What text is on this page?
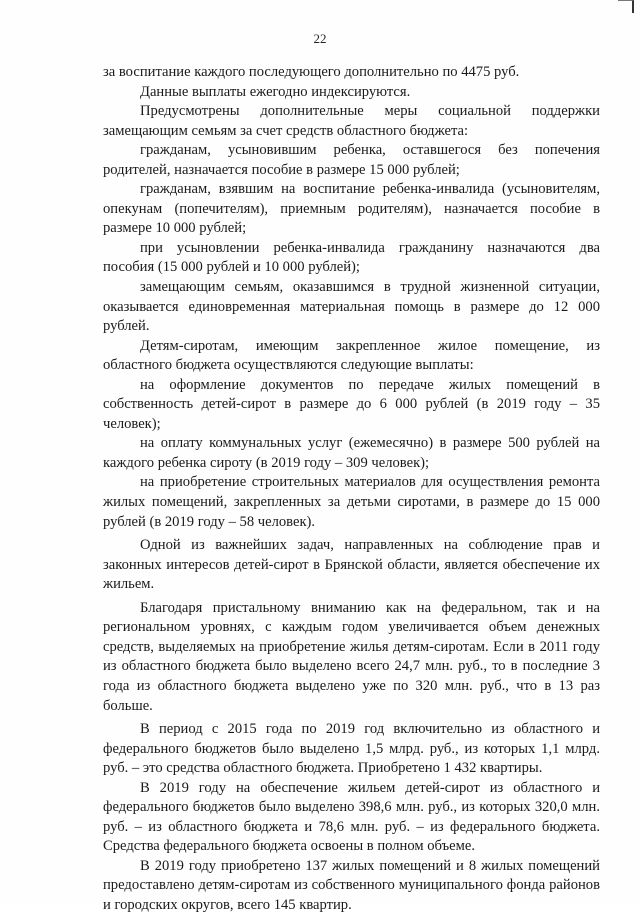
22

за воспитание каждого последующего дополнительно по 4475 руб.

Данные выплаты ежегодно индексируются.

Предусмотрены дополнительные меры социальной поддержки замещающим семьям за счет средств областного бюджета:

гражданам, усыновившим ребенка, оставшегося без попечения родителей, назначается пособие в размере 15 000 рублей;

гражданам, взявшим на воспитание ребенка-инвалида (усыновителям, опекунам (попечителям), приемным родителям), назначается пособие в размере 10 000 рублей;

при усыновлении ребенка-инвалида гражданину назначаются два пособия (15 000 рублей и 10 000 рублей);

замещающим семьям, оказавшимся в трудной жизненной ситуации, оказывается единовременная материальная помощь в размере до 12 000 рублей.

Детям-сиротам, имеющим закрепленное жилое помещение, из областного бюджета осуществляются следующие выплаты:

на оформление документов по передаче жилых помещений в собственность детей-сирот в размере до 6 000 рублей (в 2019 году – 35 человек);

на оплату коммунальных услуг (ежемесячно) в размере 500 рублей на каждого ребенка сироту (в 2019 году – 309 человек);

на приобретение строительных материалов для осуществления ремонта жилых помещений, закрепленных за детьми сиротами, в размере до 15 000 рублей (в 2019 году – 58 человек).

Одной из важнейших задач, направленных на соблюдение прав и законных интересов детей-сирот в Брянской области, является обеспечение их жильем.

Благодаря пристальному вниманию как на федеральном, так и на региональном уровнях, с каждым годом увеличивается объем денежных средств, выделяемых на приобретение жилья детям-сиротам. Если в 2011 году из областного бюджета было выделено всего 24,7 млн. руб., то в последние 3 года из областного бюджета выделено уже по 320 млн. руб., что в 13 раз больше.

В период с 2015 года по 2019 год включительно из областного и федерального бюджетов было выделено 1,5 млрд. руб., из которых 1,1 млрд. руб. – это средства областного бюджета. Приобретено 1 432 квартиры.

В 2019 году на обеспечение жильем детей-сирот из областного и федерального бюджетов было выделено 398,6 млн. руб., из которых 320,0 млн. руб. – из областного бюджета и 78,6 млн. руб. – из федерального бюджета. Средства федерального бюджета освоены в полном объеме.

В 2019 году приобретено 137 жилых помещений и 8 жилых помещений предоставлено детям-сиротам из собственного муниципального фонда районов и городских округов, всего 145 квартир.
